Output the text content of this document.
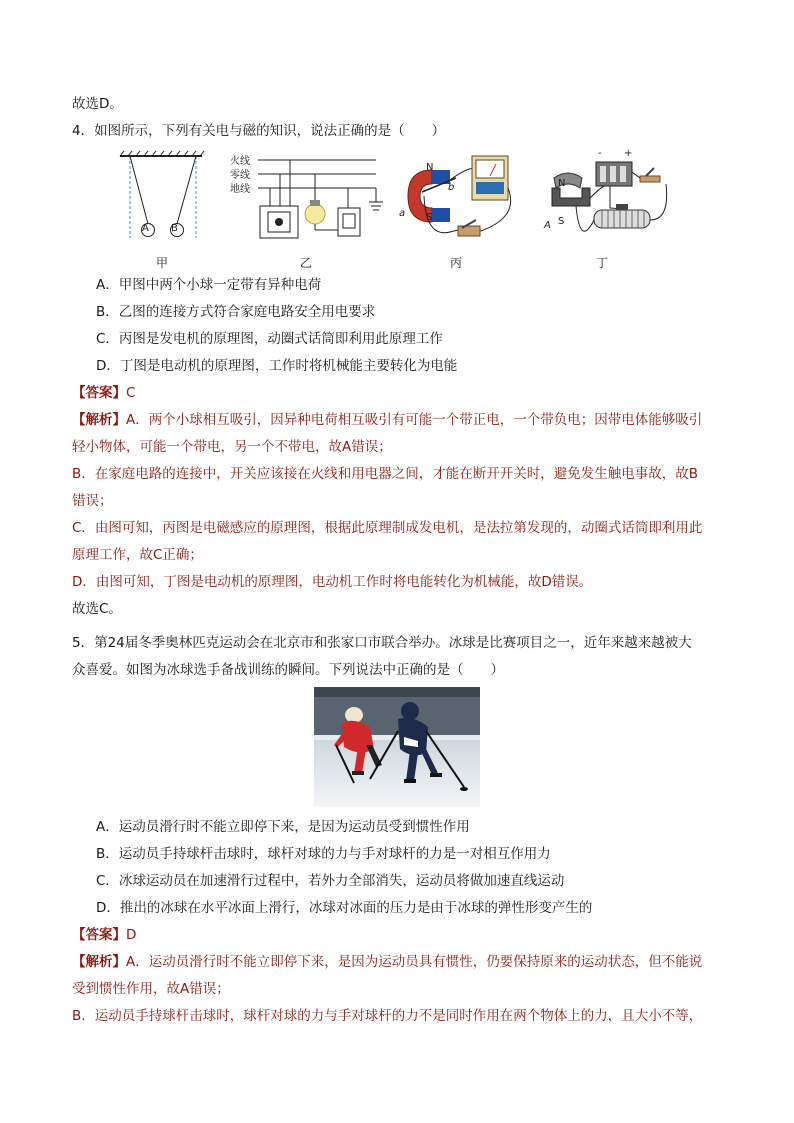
故选D。
4．如图所示，下列有关电与磁的知识，说法正确的是（　　）
A B
火线
零线
地线
N
S
a
b	N
S
A
- +
甲	乙	丙	丁
A．甲图中两个小球一定带有异种电荷
B．乙图的连接方式符合家庭电路安全用电要求
C．丙图是发电机的原理图，动圈式话筒即利用此原理工作
D．丁图是电动机的原理图，工作时将机械能主要转化为电能
【答案】C
【解析】A．两个小球相互吸引，因异种电荷相互吸引有可能一个带正电，一个带负电；因带电体能够吸引
轻小物体，可能一个带电，另一个不带电，故A错误；
B．在家庭电路的连接中，开关应该接在火线和用电器之间，才能在断开开关时，避免发生触电事故，故B
错误；
C．由图可知，丙图是电磁感应的原理图，根据此原理制成发电机，是法拉第发现的，动圈式话筒即利用此
原理工作，故C正确；
D．由图可知，丁图是电动机的原理图，电动机工作时将电能转化为机械能，故D错误。
故选C。
5．第24届冬季奥林匹克运动会在北京市和张家口市联合举办。冰球是比赛项目之一，近年来越来越被大
众喜爱。如图为冰球选手备战训练的瞬间。下列说法中正确的是（　　）
A．运动员滑行时不能立即停下来，是因为运动员受到惯性作用
B．运动员手持球杆击球时，球杆对球的力与手对球杆的力是一对相互作用力
C．冰球运动员在加速滑行过程中，若外力全部消失，运动员将做加速直线运动
D．推出的冰球在水平冰面上滑行，冰球对冰面的压力是由于冰球的弹性形变产生的
【答案】D
【解析】A．运动员滑行时不能立即停下来，是因为运动员具有惯性，仍要保持原来的运动状态，但不能说
受到惯性作用，故A错误；
B．运动员手持球杆击球时，球杆对球的力与手对球杆的力不是同时作用在两个物体上的力，且大小不等，
